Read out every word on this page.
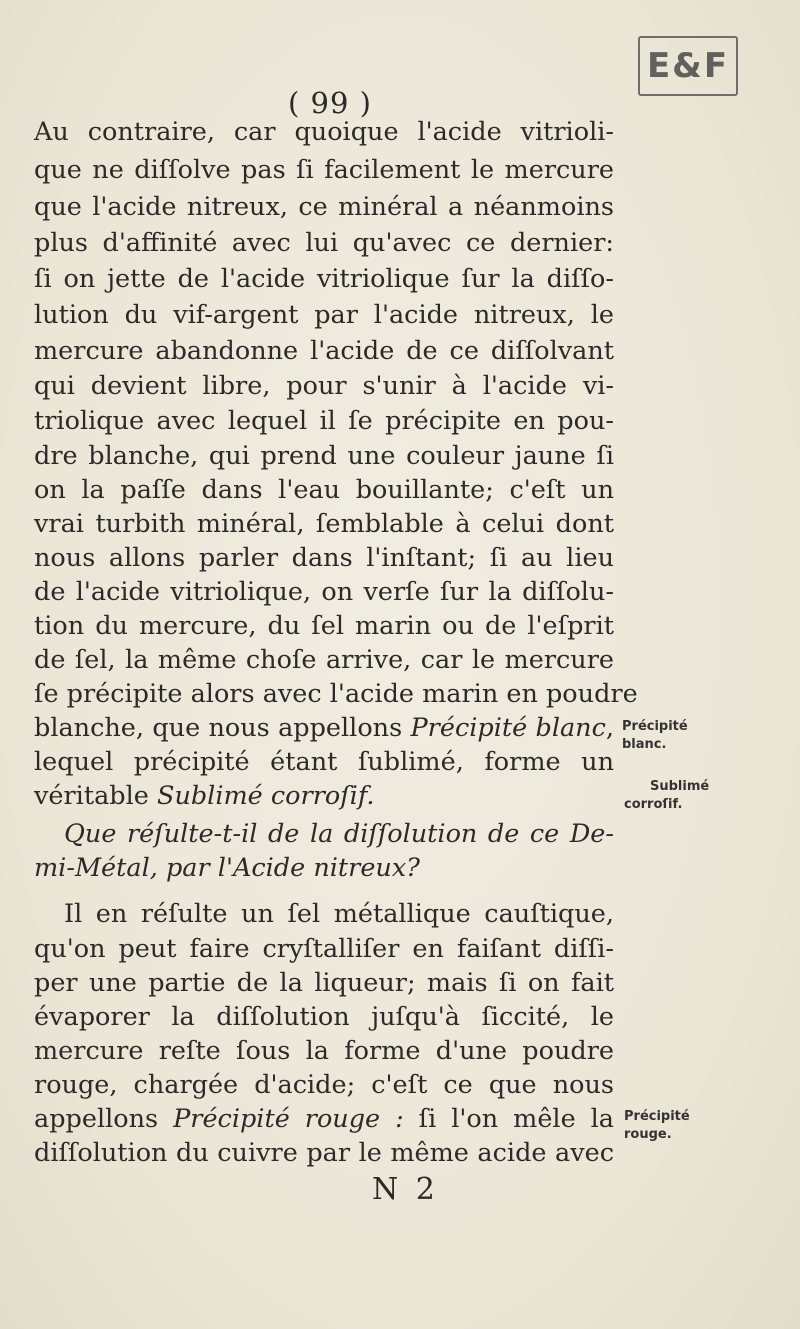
E&F
( 99 )
Au contraire, car quoique l'acide vitrioli-
que ne diſſolve pas ſi facilement le mercure
que l'acide nitreux, ce minéral a néanmoins
plus d'affinité avec lui qu'avec ce dernier:
ſi on jette de l'acide vitriolique ſur la diſſo-
lution du vif-argent par l'acide nitreux, le
mercure abandonne l'acide de ce diſſolvant
qui devient libre, pour s'unir à l'acide vi-
triolique avec lequel il ſe précipite en pou-
dre blanche, qui prend une couleur jaune ſi
on la paſſe dans l'eau bouillante; c'eſt un
vrai turbith minéral, ſemblable à celui dont
nous allons parler dans l'inſtant; ſi au lieu
de l'acide vitriolique, on verſe ſur la diſſolu-
tion du mercure, du ſel marin ou de l'eſprit
de ſel, la même choſe arrive, car le mercure
ſe précipite alors avec l'acide marin en poudre
blanche, que nous appellons Précipité blanc,
lequel précipité étant ſublimé, forme un
véritable Sublimé corroſif.
Que réſulte-t-il de la diſſolution de ce De-
mi-Métal, par l'Acide nitreux?
Il en réſulte un ſel métallique cauſtique,
qu'on peut faire cryſtalliſer en faiſant diſſi-
per une partie de la liqueur; mais ſi on fait
évaporer la diſſolution juſqu'à ſiccité, le
mercure reſte ſous la forme d'une poudre
rouge, chargée d'acide; c'eſt ce que nous
appellons Précipité rouge : ſi l'on mêle la
diſſolution du cuivre par le même acide avec
N 2
Précipité
blanc.
Sublimé
corroſif.
Précipité
rouge.
